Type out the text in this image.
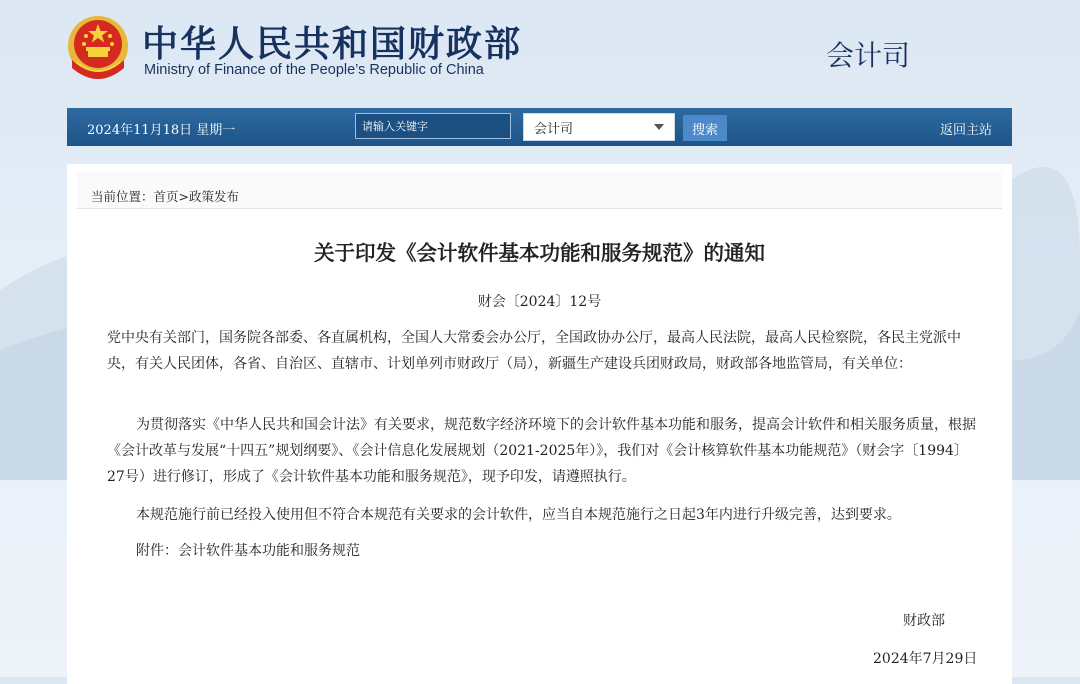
中华人民共和国财政部
Ministry of Finance of the People’s Republic of China	会计司
2024年11月18日 星期一
请输入关键字	会计司	搜索	返回主站
当前位置：首页>政策发布
关于印发《会计软件基本功能和服务规范》的通知
财会〔2024〕12号
党中央有关部门，国务院各部委、各直属机构，全国人大常委会办公厅，全国政协办公厅，最高人民法院，最高人民检察院，各民主党派中央，有关人民团体，各省、自治区、直辖市、计划单列市财政厅（局），新疆生产建设兵团财政局，财政部各地监管局，有关单位：
为贯彻落实《中华人民共和国会计法》有关要求，规范数字经济环境下的会计软件基本功能和服务，提高会计软件和相关服务质量，根据《会计改革与发展“十四五”规划纲要》、《会计信息化发展规划（2021-2025年）》，我们对《会计核算软件基本功能规范》（财会字〔1994〕27号）进行修订，形成了《会计软件基本功能和服务规范》，现予印发，请遵照执行。
本规范施行前已经投入使用但不符合本规范有关要求的会计软件，应当自本规范施行之日起3年内进行升级完善，达到要求。
附件：会计软件基本功能和服务规范
财政部
2024年7月29日
